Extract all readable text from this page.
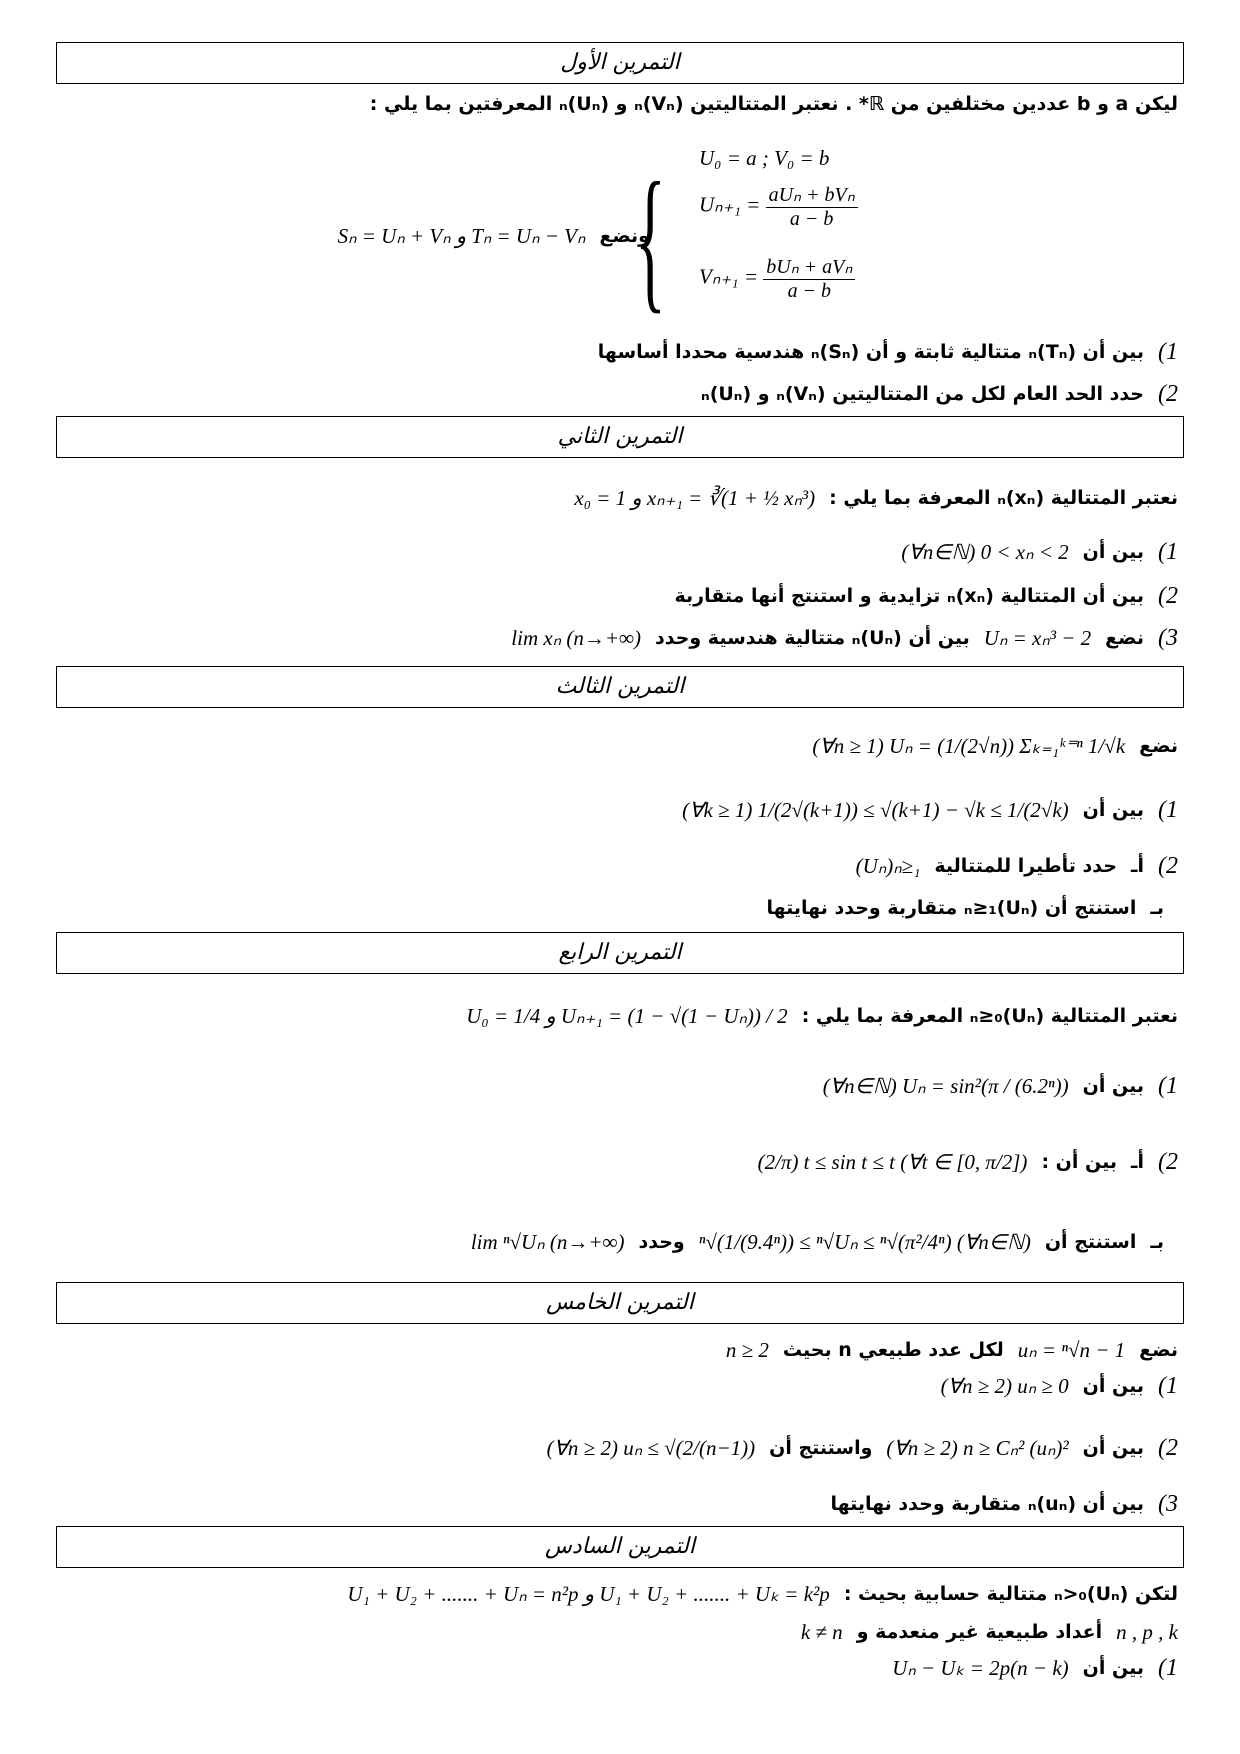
التمرين الأول
ليكن a و b عددين مختلفين من ℝ* . نعتبر المتتاليتين (Vₙ)ₙ و (Uₙ)ₙ المعرفتين بما يلي :
{ U₀ = a ; V₀ = b
$U_{n+1} = \frac{\text{aUₙ + bVₙ}}{a - b}$
$V_{n+1} = \frac{\text{bUₙ + aVₙ}}{a - b}$
ونضع
Sₙ = Uₙ + Vₙ و Tₙ = Uₙ − Vₙ
1)
بين أن (Tₙ)ₙ متتالية ثابتة و أن (Sₙ)ₙ هندسية محددا أساسها
2)
حدد الحد العام لكل من المتتاليتين (Vₙ)ₙ و (Uₙ)ₙ
التمرين الثاني
نعتبر المتتالية (xₙ)ₙ المعرفة بما يلي :
x₀ = 1 و xₙ₊₁ = ∛(1 + ½ xₙ³)
1)
بين أن
(∀n∈ℕ) 0 < xₙ < 2
2)
بين أن المتتالية (xₙ)ₙ تزايدية و استنتج أنها متقاربة
3)
نضع
Uₙ = xₙ³ − 2
بين أن (Uₙ)ₙ متتالية هندسية وحدد
lim xₙ (n→+∞)
التمرين الثالث
نضع
(∀n ≥ 1) Uₙ = (1/(2√n)) Σₖ₌₁ᵏ⁼ⁿ 1/√k
1)
بين أن
(∀k ≥ 1) 1/(2√(k+1)) ≤ √(k+1) − √k ≤ 1/(2√k)
2)
أـ
حدد تأطيرا للمتتالية
(Uₙ)ₙ≥₁
بـ
استنتج أن (Uₙ)ₙ≥₁ متقاربة وحدد نهايتها
التمرين الرابع
نعتبر المتتالية (Uₙ)ₙ≥₀ المعرفة بما يلي :
U₀ = 1/4 و Uₙ₊₁ = (1 − √(1 − Uₙ)) / 2
1)
بين أن
(∀n∈ℕ) Uₙ = sin²(π / (6.2ⁿ))
2)
أـ
بين أن :
(2/π) t ≤ sin t ≤ t (∀t ∈ [0, π/2])
بـ
استنتج أن
ⁿ√(1/(9.4ⁿ)) ≤ ⁿ√Uₙ ≤ ⁿ√(π²/4ⁿ) (∀n∈ℕ)
وحدد
lim ⁿ√Uₙ (n→+∞)
التمرين الخامس
نضع
uₙ = ⁿ√n − 1
لكل عدد طبيعي n بحيث
n ≥ 2
1)
بين أن
(∀n ≥ 2) uₙ ≥ 0
2)
بين أن
(∀n ≥ 2) n ≥ Cₙ² (uₙ)²
واستنتج أن
(∀n ≥ 2) uₙ ≤ √(2/(n−1))
3)
بين أن (uₙ)ₙ متقاربة وحدد نهايتها
التمرين السادس
لتكن (Uₙ)ₙ>₀ متتالية حسابية بحيث :
U₁ + U₂ + ....... + Uₙ = n²p و U₁ + U₂ + ....... + Uₖ = k²p
n , p , k
أعداد طبيعية غير منعدمة و
k ≠ n
1)
بين أن
Uₙ − Uₖ = 2p(n − k)
